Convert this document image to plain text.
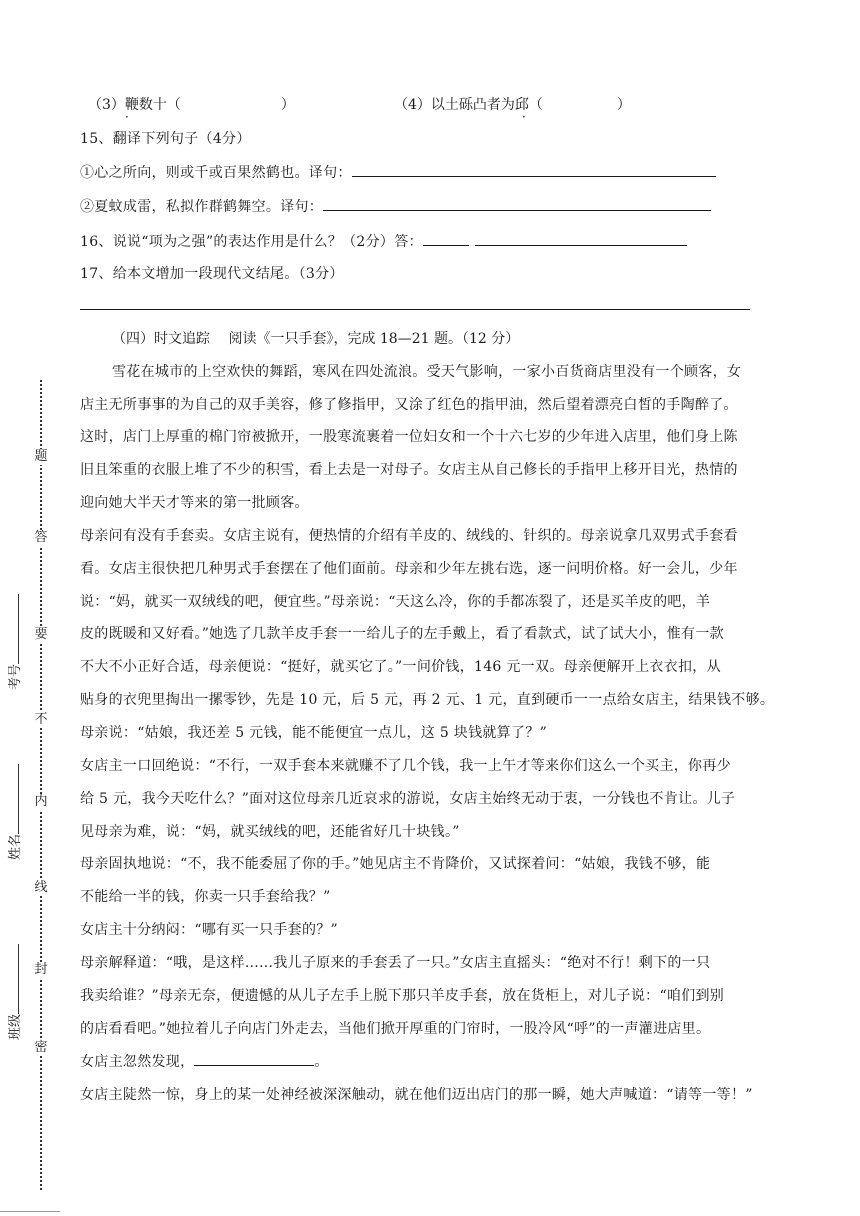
（3）鞭数十（	）	（4）以土砾凸者为邱（	）
·	·
15、翻译下列句子（4分）
①心之所向，则或千或百果然鹤也。译句：
②夏蚊成雷，私拟作群鹤舞空。译句：
16、说说“项为之强”的表达作用是什么？（2分）答：
17、给本文增加一段现代文结尾。（3分）
（四）时文追踪　 阅读《一只手套》，完成 18—21 题。（12 分）
雪花在城市的上空欢快的舞蹈，寒风在四处流浪。受天气影响，一家小百货商店里没有一个顾客，女
店主无所事事的为自己的双手美容，修了修指甲，又涂了红色的指甲油，然后望着漂亮白皙的手陶醉了。
这时，店门上厚重的棉门帘被掀开，一股寒流裹着一位妇女和一个十六七岁的少年进入店里，他们身上陈
旧且笨重的衣服上堆了不少的积雪，看上去是一对母子。女店主从自己修长的手指甲上移开目光，热情的
迎向她大半天才等来的第一批顾客。
母亲问有没有手套卖。女店主说有，便热情的介绍有羊皮的、绒线的、针织的。母亲说拿几双男式手套看
看。女店主很快把几种男式手套摆在了他们面前。母亲和少年左挑右选，逐一问明价格。好一会儿，少年
说：“妈，就买一双绒线的吧，便宜些。”母亲说：“天这么冷，你的手都冻裂了，还是买羊皮的吧，羊
皮的既暖和又好看。”她选了几款羊皮手套一一给儿子的左手戴上，看了看款式，试了试大小，惟有一款
不大不小正好合适，母亲便说：“挺好，就买它了。”一问价钱，146 元一双。母亲便解开上衣衣扣，从
贴身的衣兜里掏出一摞零钞，先是 10 元，后 5 元，再 2 元、1 元，直到硬币一一点给女店主，结果钱不够。
母亲说：“姑娘，我还差 5 元钱，能不能便宜一点儿，这 5 块钱就算了？”
女店主一口回绝说：“不行，一双手套本来就赚不了几个钱，我一上午才等来你们这么一个买主，你再少
给 5 元，我今天吃什么？”面对这位母亲几近哀求的游说，女店主始终无动于衷，一分钱也不肯让。儿子
见母亲为难，说：“妈，就买绒线的吧，还能省好几十块钱。”
母亲固执地说：“不，我不能委屈了你的手。”她见店主不肯降价，又试探着问：“姑娘，我钱不够，能
不能给一半的钱，你卖一只手套给我？”
女店主十分纳闷：“哪有买一只手套的？”
母亲解释道：“哦，是这样……我儿子原来的手套丢了一只。”女店主直摇头：“绝对不行！剩下的一只
我卖给谁？”母亲无奈，便遗憾的从儿子左手上脱下那只羊皮手套，放在货柜上，对儿子说：“咱们到别
的店看看吧。”她拉着儿子向店门外走去，当他们掀开厚重的门帘时，一股冷风“呼”的一声灌进店里。
女店主忽然发现，	。
女店主陡然一惊，身上的某一处神经被深深触动，就在他们迈出店门的那一瞬，她大声喊道：“请等一等！”
题
答
要
不
内
线
封
密
考号
姓名
班级
